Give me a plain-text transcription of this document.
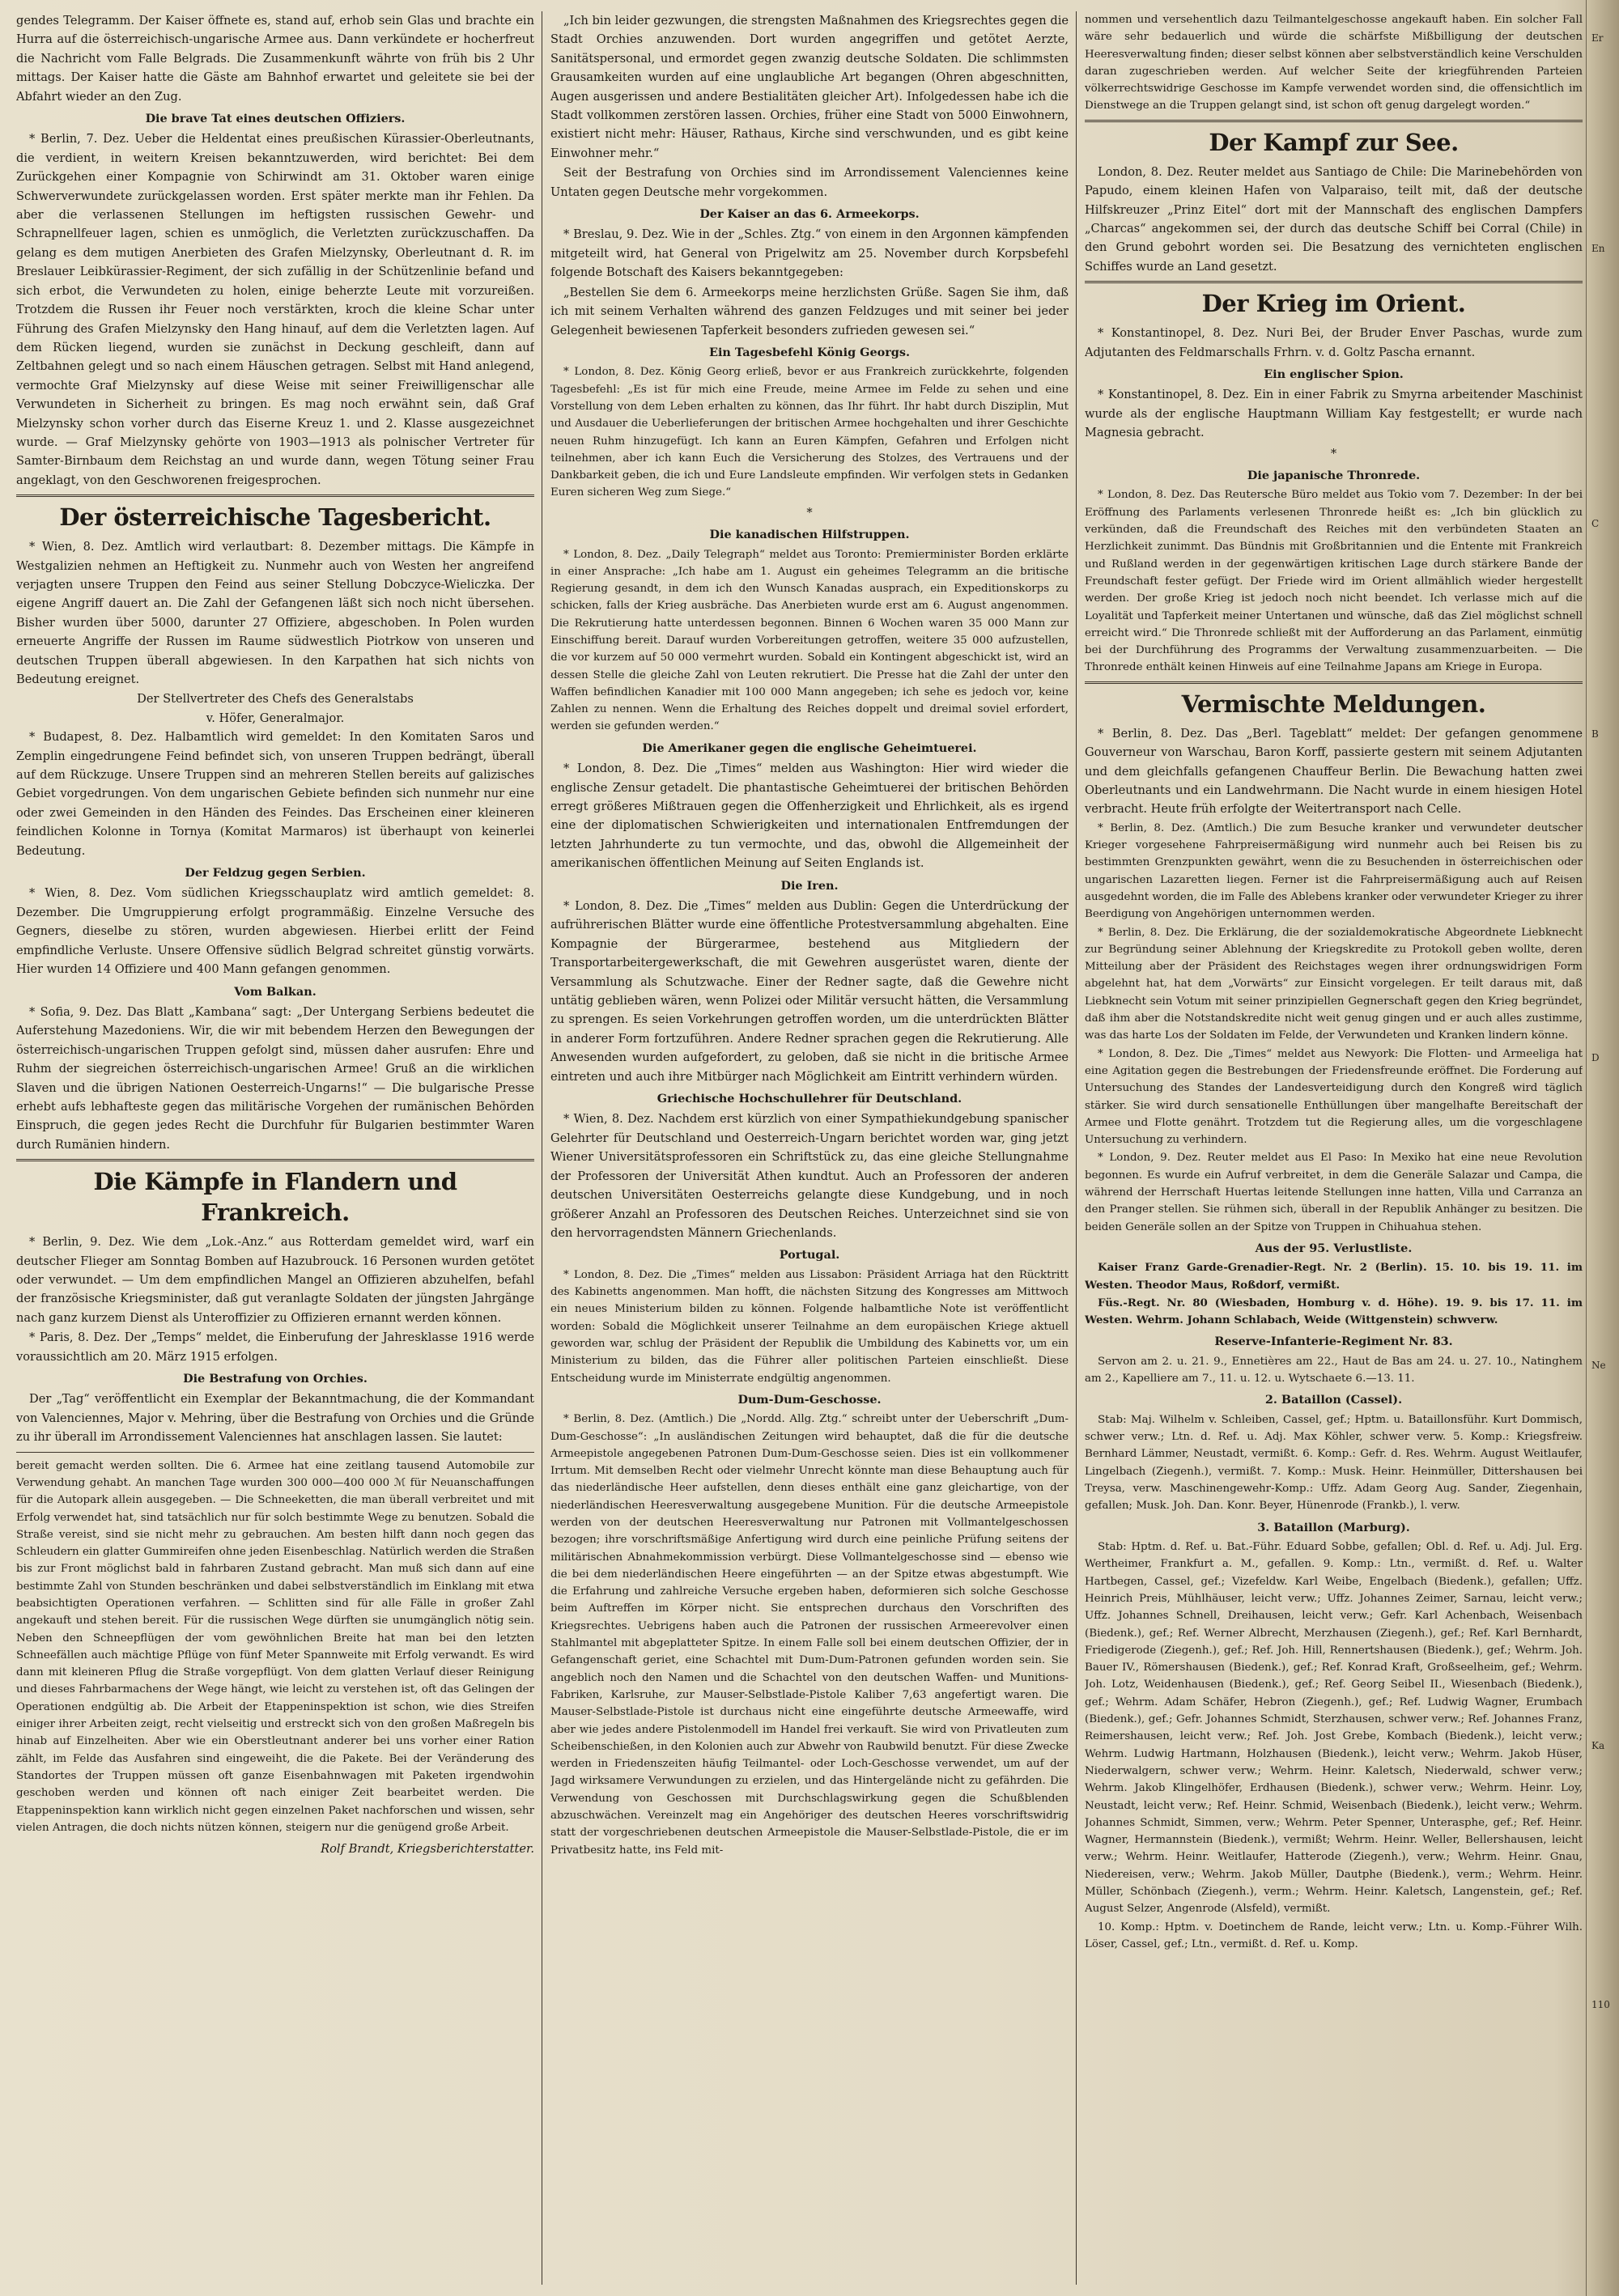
gendes Telegramm. Der Kaiser öffnete es, stand auf, erhob sein Glas und brachte ein Hurra auf die österreichisch-ungarische Armee aus. Dann verkündete er hocherfreut die Nachricht vom Falle Belgrads. Die Zusammenkunft währte von früh bis 2 Uhr mittags. Der Kaiser hatte die Gäste am Bahnhof erwartet und geleitete sie bei der Abfahrt wieder an den Zug.

Die brave Tat eines deutschen Offiziers.

* Berlin, 7. Dez. Ueber die Heldentat eines preußischen Kürassier-Oberleutnants, die verdient, in weitern Kreisen bekanntzuwerden, wird berichtet: Bei dem Zurückgehen einer Kompagnie von Schirwindt am 31. Oktober waren einige Schwerverwundete zurückgelassen worden. Erst später merkte man ihr Fehlen. Da aber die verlassenen Stellungen im heftigsten russischen Gewehr- und Schrapnellfeuer lagen, schien es unmöglich, die Verletzten zurückzuschaffen. Da gelang es dem mutigen Anerbieten des Grafen Mielzynsky, Oberleutnant d. R. im Breslauer Leibkürassier-Regiment, der sich zufällig in der Schützenlinie befand und sich erbot, die Verwundeten zu holen, einige beherzte Leute mit vorzureißen. Trotzdem die Russen ihr Feuer noch verstärkten, kroch die kleine Schar unter Führung des Grafen Mielzynsky den Hang hinauf, auf dem die Verletzten lagen. Auf dem Rücken liegend, wurden sie zunächst in Deckung geschleift, dann auf Zeltbahnen gelegt und so nach einem Häuschen getragen. Selbst mit Hand anlegend, vermochte Graf Mielzynsky auf diese Weise mit seiner Freiwilligenschar alle Verwundeten in Sicherheit zu bringen. Es mag noch erwähnt sein, daß Graf Mielzynsky schon vorher durch das Eiserne Kreuz 1. und 2. Klasse ausgezeichnet wurde. — Graf Mielzynsky gehörte von 1903—1913 als polnischer Vertreter für Samter-Birnbaum dem Reichstag an und wurde dann, wegen Tötung seiner Frau angeklagt, von den Geschworenen freigesprochen.

Der österreichische Tagesbericht.

* Wien, 8. Dez. Amtlich wird verlautbart: 8. Dezember mittags. Die Kämpfe in Westgalizien nehmen an Heftigkeit zu. Nunmehr auch von Westen her angreifend verjagten unsere Truppen den Feind aus seiner Stellung Dobczyce-Wieliczka. Der eigene Angriff dauert an. Die Zahl der Gefangenen läßt sich noch nicht übersehen. Bisher wurden über 5000, darunter 27 Offiziere, abgeschoben. In Polen wurden erneuerte Angriffe der Russen im Raume südwestlich Piotrkow von unseren und deutschen Truppen überall abgewiesen. In den Karpathen hat sich nichts von Bedeutung ereignet.

Der Stellvertreter des Chefs des Generalstabs
v. Höfer, Generalmajor.

* Budapest, 8. Dez. Halbamtlich wird gemeldet: In den Komitaten Saros und Zemplin eingedrungene Feind befindet sich, von unseren Truppen bedrängt, überall auf dem Rückzuge. Unsere Truppen sind an mehreren Stellen bereits auf galizisches Gebiet vorgedrungen. Von dem ungarischen Gebiete befinden sich nunmehr nur eine oder zwei Gemeinden in den Händen des Feindes. Das Erscheinen einer kleineren feindlichen Kolonne in Tornya (Komitat Marmaros) ist überhaupt von keinerlei Bedeutung.

Der Feldzug gegen Serbien.

* Wien, 8. Dez. Vom südlichen Kriegsschauplatz wird amtlich gemeldet: 8. Dezember. Die Umgruppierung erfolgt programmäßig. Einzelne Versuche des Gegners, dieselbe zu stören, wurden abgewiesen. Hierbei erlitt der Feind empfindliche Verluste. Unsere Offensive südlich Belgrad schreitet günstig vorwärts. Hier wurden 14 Offiziere und 400 Mann gefangen genommen.

Vom Balkan.

* Sofia, 9. Dez. Das Blatt „Kambana“ sagt: „Der Untergang Serbiens bedeutet die Auferstehung Mazedoniens. Wir, die wir mit bebendem Herzen den Bewegungen der österreichisch-ungarischen Truppen gefolgt sind, müssen daher ausrufen: Ehre und Ruhm der siegreichen österreichisch-ungarischen Armee! Gruß an die wirklichen Slaven und die übrigen Nationen Oesterreich-Ungarns!“ — Die bulgarische Presse erhebt aufs lebhafteste gegen das militärische Vorgehen der rumänischen Behörden Einspruch, die gegen jedes Recht die Durchfuhr für Bulgarien bestimmter Waren durch Rumänien hindern.

Die Kämpfe in Flandern und Frankreich.

* Berlin, 9. Dez. Wie dem „Lok.-Anz.“ aus Rotterdam gemeldet wird, warf ein deutscher Flieger am Sonntag Bomben auf Hazubrouck. 16 Personen wurden getötet oder verwundet. — Um dem empfindlichen Mangel an Offizieren abzuhelfen, befahl der französische Kriegsminister, daß gut veranlagte Soldaten der jüngsten Jahrgänge nach ganz kurzem Dienst als Unteroffizier zu Offizieren ernannt werden können.

* Paris, 8. Dez. Der „Temps“ meldet, die Einberufung der Jahresklasse 1916 werde voraussichtlich am 20. März 1915 erfolgen.

Die Bestrafung von Orchies.

Der „Tag“ veröffentlicht ein Exemplar der Bekanntmachung, die der Kommandant von Valenciennes, Major v. Mehring, über die Bestrafung von Orchies und die Gründe zu ihr überall im Arrondissement Valenciennes hat anschlagen lassen. Sie lautet:

bereit gemacht werden sollten. Die 6. Armee hat eine zeitlang tausend Automobile zur Verwendung gehabt. An manchen Tage wurden 300 000—400 000 ℳ für Neuanschaffungen für die Autopark allein ausgegeben. — Die Schneeketten, die man überall verbreitet und mit Erfolg verwendet hat, sind tatsächlich nur für solch bestimmte Wege zu benutzen. Sobald die Straße vereist, sind sie nicht mehr zu gebrauchen. Am besten hilft dann noch gegen das Schleudern ein glatter Gummireifen ohne jeden Eisenbeschlag. Natürlich werden die Straßen bis zur Front möglichst bald in fahrbaren Zustand gebracht. Man muß sich dann auf eine bestimmte Zahl von Stunden beschränken und dabei selbstverständlich im Einklang mit etwa beabsichtigten Operationen verfahren. — Schlitten sind für alle Fälle in großer Zahl angekauft und stehen bereit. Für die russischen Wege dürften sie unumgänglich nötig sein. Neben den Schneepflügen der vom gewöhnlichen Breite hat man bei den letzten Schneefällen auch mächtige Pflüge von fünf Meter Spannweite mit Erfolg verwandt. Es wird dann mit kleineren Pflug die Straße vorgepflügt. Von dem glatten Verlauf dieser Reinigung und dieses Fahrbarmachens der Wege hängt, wie leicht zu verstehen ist, oft das Gelingen der Operationen endgültig ab. Die Arbeit der Etappeninspektion ist schon, wie dies Streifen einiger ihrer Arbeiten zeigt, recht vielseitig und erstreckt sich von den großen Maßregeln bis hinab auf Einzelheiten. Aber wie ein Oberstleutnant anderer bei uns vorher einer Ration zählt, im Felde das Ausfahren sind eingeweiht, die die Pakete. Bei der Veränderung des Standortes der Truppen müssen oft ganze Eisenbahnwagen mit Paketen irgendwohin geschoben werden und können oft nach einiger Zeit bearbeitet werden. Die Etappeninspektion kann wirklich nicht gegen einzelnen Paket nachforschen und wissen, sehr vielen Antragen, die doch nichts nützen können, steigern nur die genügend große Arbeit.

Rolf Brandt, Kriegsberichterstatter.

„Ich bin leider gezwungen, die strengsten Maßnahmen des Kriegsrechtes gegen die Stadt Orchies anzuwenden. Dort wurden angegriffen und getötet Aerzte, Sanitätspersonal, und ermordet gegen zwanzig deutsche Soldaten. Die schlimmsten Grausamkeiten wurden auf eine unglaubliche Art begangen (Ohren abgeschnitten, Augen ausgerissen und andere Bestialitäten gleicher Art). Infolgedessen habe ich die Stadt vollkommen zerstören lassen. Orchies, früher eine Stadt von 5000 Einwohnern, existiert nicht mehr: Häuser, Rathaus, Kirche sind verschwunden, und es gibt keine Einwohner mehr.“

Seit der Bestrafung von Orchies sind im Arrondissement Valenciennes keine Untaten gegen Deutsche mehr vorgekommen.

Der Kaiser an das 6. Armeekorps.

* Breslau, 9. Dez. Wie in der „Schles. Ztg.“ von einem in den Argonnen kämpfenden mitgeteilt wird, hat General von Prigelwitz am 25. November durch Korpsbefehl folgende Botschaft des Kaisers bekanntgegeben:

„Bestellen Sie dem 6. Armeekorps meine herzlichsten Grüße. Sagen Sie ihm, daß ich mit seinem Verhalten während des ganzen Feldzuges und mit seiner bei jeder Gelegenheit bewiesenen Tapferkeit besonders zufrieden gewesen sei.“

Ein Tagesbefehl König Georgs.

* London, 8. Dez. König Georg erließ, bevor er aus Frankreich zurückkehrte, folgenden Tagesbefehl: „Es ist für mich eine Freude, meine Armee im Felde zu sehen und eine Vorstellung von dem Leben erhalten zu können, das Ihr führt. Ihr habt durch Disziplin, Mut und Ausdauer die Ueberlieferungen der britischen Armee hochgehalten und ihrer Geschichte neuen Ruhm hinzugefügt. Ich kann an Euren Kämpfen, Gefahren und Erfolgen nicht teilnehmen, aber ich kann Euch die Versicherung des Stolzes, des Vertrauens und der Dankbarkeit geben, die ich und Eure Landsleute empfinden. Wir verfolgen stets in Gedanken Euren sicheren Weg zum Siege.“

*
Die kanadischen Hilfstruppen.

* London, 8. Dez. „Daily Telegraph“ meldet aus Toronto: Premierminister Borden erklärte in einer Ansprache: „Ich habe am 1. August ein geheimes Telegramm an die britische Regierung gesandt, in dem ich den Wunsch Kanadas ausprach, ein Expeditionskorps zu schicken, falls der Krieg ausbräche. Das Anerbieten wurde erst am 6. August angenommen. Die Rekrutierung hatte unterdessen begonnen. Binnen 6 Wochen waren 35 000 Mann zur Einschiffung bereit. Darauf wurden Vorbereitungen getroffen, weitere 35 000 aufzustellen, die vor kurzem auf 50 000 vermehrt wurden. Sobald ein Kontingent abgeschickt ist, wird an dessen Stelle die gleiche Zahl von Leuten rekrutiert. Die Presse hat die Zahl der unter den Waffen befindlichen Kanadier mit 100 000 Mann angegeben; ich sehe es jedoch vor, keine Zahlen zu nennen. Wenn die Erhaltung des Reiches doppelt und dreimal soviel erfordert, werden sie gefunden werden.“

Die Amerikaner gegen die englische Geheimtuerei.

* London, 8. Dez. Die „Times“ melden aus Washington: Hier wird wieder die englische Zensur getadelt. Die phantastische Geheimtuerei der britischen Behörden erregt größeres Mißtrauen gegen die Offenherzigkeit und Ehrlichkeit, als es irgend eine der diplomatischen Schwierigkeiten und internationalen Entfremdungen der letzten Jahrhunderte zu tun vermochte, und das, obwohl die Allgemeinheit der amerikanischen öffentlichen Meinung auf Seiten Englands ist.

Die Iren.

* London, 8. Dez. Die „Times“ melden aus Dublin: Gegen die Unterdrückung der aufrührerischen Blätter wurde eine öffentliche Protestversammlung abgehalten. Eine Kompagnie der Bürgerarmee, bestehend aus Mitgliedern der Transportarbeitergewerkschaft, die mit Gewehren ausgerüstet waren, diente der Versammlung als Schutzwache. Einer der Redner sagte, daß die Gewehre nicht untätig geblieben wären, wenn Polizei oder Militär versucht hätten, die Versammlung zu sprengen. Es seien Vorkehrungen getroffen worden, um die unterdrückten Blätter in anderer Form fortzuführen. Andere Redner sprachen gegen die Rekrutierung. Alle Anwesenden wurden aufgefordert, zu geloben, daß sie nicht in die britische Armee eintreten und auch ihre Mitbürger nach Möglichkeit am Eintritt verhindern würden.

Griechische Hochschullehrer für Deutschland.

* Wien, 8. Dez. Nachdem erst kürzlich von einer Sympathiekundgebung spanischer Gelehrter für Deutschland und Oesterreich-Ungarn berichtet worden war, ging jetzt Wiener Universitätsprofessoren ein Schriftstück zu, das eine gleiche Stellungnahme der Professoren der Universität Athen kundtut. Auch an Professoren der anderen deutschen Universitäten Oesterreichs gelangte diese Kundgebung, und in noch größerer Anzahl an Professoren des Deutschen Reiches. Unterzeichnet sind sie von den hervorragendsten Männern Griechenlands.

Portugal.

* London, 8. Dez. Die „Times“ melden aus Lissabon: Präsident Arriaga hat den Rücktritt des Kabinetts angenommen. Man hofft, die nächsten Sitzung des Kongresses am Mittwoch ein neues Ministerium bilden zu können. Folgende halbamtliche Note ist veröffentlicht worden: Sobald die Möglichkeit unserer Teilnahme an dem europäischen Kriege aktuell geworden war, schlug der Präsident der Republik die Umbildung des Kabinetts vor, um ein Ministerium zu bilden, das die Führer aller politischen Parteien einschließt. Diese Entscheidung wurde im Ministerrate endgültig angenommen.

Dum-Dum-Geschosse.

* Berlin, 8. Dez. (Amtlich.) Die „Nordd. Allg. Ztg.“ schreibt unter der Ueberschrift „Dum-Dum-Geschosse“: „In ausländischen Zeitungen wird behauptet, daß die für die deutsche Armeepistole angegebenen Patronen Dum-Dum-Geschosse seien. Dies ist ein vollkommener Irrtum. Mit demselben Recht oder vielmehr Unrecht könnte man diese Behauptung auch für das niederländische Heer aufstellen, denn dieses enthält eine ganz gleichartige, von der niederländischen Heeresverwaltung ausgegebene Munition. Für die deutsche Armeepistole werden von der deutschen Heeresverwaltung nur Patronen mit Vollmantelgeschossen bezogen; ihre vorschriftsmäßige Anfertigung wird durch eine peinliche Prüfung seitens der militärischen Abnahmekommission verbürgt. Diese Vollmantelgeschosse sind — ebenso wie die bei dem niederländischen Heere eingeführten — an der Spitze etwas abgestumpft. Wie die Erfahrung und zahlreiche Versuche ergeben haben, deformieren sich solche Geschosse beim Auftreffen im Körper nicht. Sie entsprechen durchaus den Vorschriften des Kriegsrechtes. Uebrigens haben auch die Patronen der russischen Armeerevolver einen Stahlmantel mit abgeplatteter Spitze. In einem Falle soll bei einem deutschen Offizier, der in Gefangenschaft geriet, eine Schachtel mit Dum-Dum-Patronen gefunden worden sein. Sie angeblich noch den Namen und die Schachtel von den deutschen Waffen- und Munitions-Fabriken, Karlsruhe, zur Mauser-Selbstlade-Pistole Kaliber 7,63 angefertigt waren. Die Mauser-Selbstlade-Pistole ist durchaus nicht eine eingeführte deutsche Armeewaffe, wird aber wie jedes andere Pistolenmodell im Handel frei verkauft. Sie wird von Privatleuten zum Scheibenschießen, in den Kolonien auch zur Abwehr von Raubwild benutzt. Für diese Zwecke werden in Friedenszeiten häufig Teilmantel- oder Loch-Geschosse verwendet, um auf der Jagd wirksamere Verwundungen zu erzielen, und das Hintergelände nicht zu gefährden. Die Verwendung von Geschossen mit Durchschlagswirkung gegen die Schußblenden abzuschwächen. Vereinzelt mag ein Angehöriger des deutschen Heeres vorschriftswidrig statt der vorgeschriebenen deutschen Armeepistole die Mauser-Selbstlade-Pistole, die er im Privatbesitz hatte, ins Feld mit-

nommen und versehentlich dazu Teilmantelgeschosse angekauft haben. Ein solcher Fall wäre sehr bedauerlich und würde die schärfste Mißbilligung der deutschen Heeresverwaltung finden; dieser selbst können aber selbstverständlich keine Verschulden daran zugeschrieben werden. Auf welcher Seite der kriegführenden Parteien völkerrechtswidrige Geschosse im Kampfe verwendet worden sind, die offensichtlich im Dienstwege an die Truppen gelangt sind, ist schon oft genug dargelegt worden.“

Der Kampf zur See.

London, 8. Dez. Reuter meldet aus Santiago de Chile: Die Marinebehörden von Papudo, einem kleinen Hafen von Valparaiso, teilt mit, daß der deutsche Hilfskreuzer „Prinz Eitel“ dort mit der Mannschaft des englischen Dampfers „Charcas“ angekommen sei, der durch das deutsche Schiff bei Corral (Chile) in den Grund gebohrt worden sei. Die Besatzung des vernichteten englischen Schiffes wurde an Land gesetzt.

Der Krieg im Orient.

* Konstantinopel, 8. Dez. Nuri Bei, der Bruder Enver Paschas, wurde zum Adjutanten des Feldmarschalls Frhrn. v. d. Goltz Pascha ernannt.

Ein englischer Spion.

* Konstantinopel, 8. Dez. Ein in einer Fabrik zu Smyrna arbeitender Maschinist wurde als der englische Hauptmann William Kay festgestellt; er wurde nach Magnesia gebracht.

*
Die japanische Thronrede.

* London, 8. Dez. Das Reutersche Büro meldet aus Tokio vom 7. Dezember: In der bei Eröffnung des Parlaments verlesenen Thronrede heißt es: „Ich bin glücklich zu verkünden, daß die Freundschaft des Reiches mit den verbündeten Staaten an Herzlichkeit zunimmt. Das Bündnis mit Großbritannien und die Entente mit Frankreich und Rußland werden in der gegenwärtigen kritischen Lage durch stärkere Bande der Freundschaft fester gefügt. Der Friede wird im Orient allmählich wieder hergestellt werden. Der große Krieg ist jedoch noch nicht beendet. Ich verlasse mich auf die Loyalität und Tapferkeit meiner Untertanen und wünsche, daß das Ziel möglichst schnell erreicht wird.“ Die Thronrede schließt mit der Aufforderung an das Parlament, einmütig bei der Durchführung des Programms der Verwaltung zusammenzuarbeiten. — Die Thronrede enthält keinen Hinweis auf eine Teilnahme Japans am Kriege in Europa.

Vermischte Meldungen.

* Berlin, 8. Dez. Das „Berl. Tageblatt“ meldet: Der gefangen genommene Gouverneur von Warschau, Baron Korff, passierte gestern mit seinem Adjutanten und dem gleichfalls gefangenen Chauffeur Berlin. Die Bewachung hatten zwei Oberleutnants und ein Landwehrmann. Die Nacht wurde in einem hiesigen Hotel verbracht. Heute früh erfolgte der Weitertransport nach Celle.

* Berlin, 8. Dez. (Amtlich.) Die zum Besuche kranker und verwundeter deutscher Krieger vorgesehene Fahrpreisermäßigung wird nunmehr auch bei Reisen bis zu bestimmten Grenzpunkten gewährt, wenn die zu Besuchenden in österreichischen oder ungarischen Lazaretten liegen. Ferner ist die Fahrpreisermäßigung auch auf Reisen ausgedehnt worden, die im Falle des Ablebens kranker oder verwundeter Krieger zu ihrer Beerdigung von Angehörigen unternommen werden.

* Berlin, 8. Dez. Die Erklärung, die der sozialdemokratische Abgeordnete Liebknecht zur Begründung seiner Ablehnung der Kriegskredite zu Protokoll geben wollte, deren Mitteilung aber der Präsident des Reichstages wegen ihrer ordnungswidrigen Form abgelehnt hat, hat dem „Vorwärts“ zur Einsicht vorgelegen. Er teilt daraus mit, daß Liebknecht sein Votum mit seiner prinzipiellen Gegnerschaft gegen den Krieg begründet, daß ihm aber die Notstandskredite nicht weit genug gingen und er auch alles zustimme, was das harte Los der Soldaten im Felde, der Verwundeten und Kranken lindern könne.

* London, 8. Dez. Die „Times“ meldet aus Newyork: Die Flotten- und Armeeliga hat eine Agitation gegen die Bestrebungen der Friedensfreunde eröffnet. Die Forderung auf Untersuchung des Standes der Landesverteidigung durch den Kongreß wird täglich stärker. Sie wird durch sensationelle Enthüllungen über mangelhafte Bereitschaft der Armee und Flotte genährt. Trotzdem tut die Regierung alles, um die vorgeschlagene Untersuchung zu verhindern.

* London, 9. Dez. Reuter meldet aus El Paso: In Mexiko hat eine neue Revolution begonnen. Es wurde ein Aufruf verbreitet, in dem die Generäle Salazar und Campa, die während der Herrschaft Huertas leitende Stellungen inne hatten, Villa und Carranza an den Pranger stellen. Sie rühmen sich, überall in der Republik Anhänger zu besitzen. Die beiden Generäle sollen an der Spitze von Truppen in Chihuahua stehen.

Aus der 95. Verlustliste.

Kaiser Franz Garde-Grenadier-Regt. Nr. 2 (Berlin). 15. 10. bis 19. 11. im Westen. Theodor Maus, Roßdorf, vermißt.

Füs.-Regt. Nr. 80 (Wiesbaden, Homburg v. d. Höhe). 19. 9. bis 17. 11. im Westen. Wehrm. Johann Schlabach, Weide (Wittgenstein) schwverw.

Reserve-Infanterie-Regiment Nr. 83.

Servon am 2. u. 21. 9., Ennetières am 22., Haut de Bas am 24. u. 27. 10., Natinghem am 2., Kapelliere am 7., 11. u. 12. u. Wytschaete 6.—13. 11.

2. Bataillon (Cassel).

Stab: Maj. Wilhelm v. Schleiben, Cassel, gef.; Hptm. u. Bataillonsführ. Kurt Dommisch, schwer verw.; Ltn. d. Ref. u. Adj. Max Köhler, schwer verw. 5. Komp.: Kriegsfreiw. Bernhard Lämmer, Neustadt, vermißt. 6. Komp.: Gefr. d. Res. Wehrm. August Weitlaufer, Lingelbach (Ziegenh.), vermißt. 7. Komp.: Musk. Heinr. Heinmüller, Dittershausen bei Treysa, verw. Maschinengewehr-Komp.: Uffz. Adam Georg Aug. Sander, Ziegenhain, gefallen; Musk. Joh. Dan. Konr. Beyer, Hünenrode (Frankb.), l. verw.

3. Bataillon (Marburg).

Stab: Hptm. d. Ref. u. Bat.-Führ. Eduard Sobbe, gefallen; Obl. d. Ref. u. Adj. Jul. Erg. Wertheimer, Frankfurt a. M., gefallen. 9. Komp.: Ltn., vermißt. d. Ref. u. Walter Hartbegen, Cassel, gef.; Vizefeldw. Karl Weibe, Engelbach (Biedenk.), gefallen; Uffz. Heinrich Preis, Mühlhäuser, leicht verw.; Uffz. Johannes Zeimer, Sarnau, leicht verw.; Uffz. Johannes Schnell, Dreihausen, leicht verw.; Gefr. Karl Achenbach, Weisenbach (Biedenk.), gef.; Ref. Werner Albrecht, Merzhausen (Ziegenh.), gef.; Ref. Karl Bernhardt, Friedigerode (Ziegenh.), gef.; Ref. Joh. Hill, Rennertshausen (Biedenk.), gef.; Wehrm. Joh. Bauer IV., Römershausen (Biedenk.), gef.; Ref. Konrad Kraft, Großseelheim, gef.; Wehrm. Joh. Lotz, Weidenhausen (Biedenk.), gef.; Ref. Georg Seibel II., Wiesenbach (Biedenk.), gef.; Wehrm. Adam Schäfer, Hebron (Ziegenh.), gef.; Ref. Ludwig Wagner, Erumbach (Biedenk.), gef.; Gefr. Johannes Schmidt, Sterzhausen, schwer verw.; Ref. Johannes Franz, Reimershausen, leicht verw.; Ref. Joh. Jost Grebe, Kombach (Biedenk.), leicht verw.; Wehrm. Ludwig Hartmann, Holzhausen (Biedenk.), leicht verw.; Wehrm. Jakob Hüser, Niederwalgern, schwer verw.; Wehrm. Heinr. Kaletsch, Niederwald, schwer verw.; Wehrm. Jakob Klingelhöfer, Erdhausen (Biedenk.), schwer verw.; Wehrm. Heinr. Loy, Neustadt, leicht verw.; Ref. Heinr. Schmid, Weisenbach (Biedenk.), leicht verw.; Wehrm. Johannes Schmidt, Simmen, verw.; Wehrm. Peter Spenner, Unterasphe, gef.; Ref. Heinr. Wagner, Hermannstein (Biedenk.), vermißt; Wehrm. Heinr. Weller, Bellershausen, leicht verw.; Wehrm. Heinr. Weitlaufer, Hatterode (Ziegenh.), verw.; Wehrm. Heinr. Gnau, Niedereisen, verw.; Wehrm. Jakob Müller, Dautphe (Biedenk.), verm.; Wehrm. Heinr. Müller, Schönbach (Ziegenh.), verm.; Wehrm. Heinr. Kaletsch, Langenstein, gef.; Ref. August Selzer, Angenrode (Alsfeld), vermißt.

10. Komp.: Hptm. v. Doetinchem de Rande, leicht verw.; Ltn. u. Komp.-Führer Wilh. Löser, Cassel, gef.; Ltn., vermißt. d. Ref. u. Komp.

Er
En
C
B
D
Ne
Ka
110
